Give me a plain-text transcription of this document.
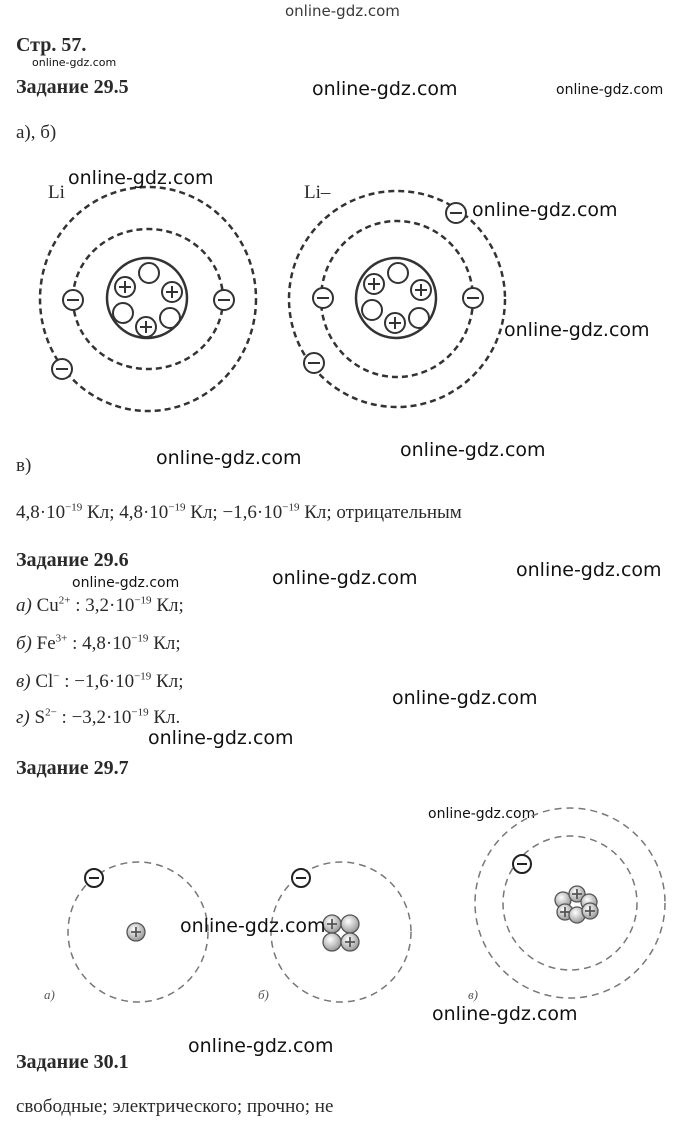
online-gdz.com
Стр. 57.
online-gdz.com
Задание 29.5	online-gdz.com	online-gdz.com
а), б)
Li	Li–
online-gdz.com
online-gdz.com
online-gdz.com
в)	online-gdz.com	online-gdz.com
$4,8\cdot 10^{-19}$ Кл; $4,8\cdot 10^{-19}$ Кл; $-1,6\cdot 10^{-19}$ Кл; отрицательным
Задание 29.6
online-gdz.com	online-gdz.com	online-gdz.com
а) $Cu^{2+}$ : $3,2\cdot 10^{-19}$ Кл;
б) $Fe^{3+}$ : $4,8\cdot 10^{-19}$ Кл;
в) Cl− : $-1,6\cdot 10^{-19}$ Кл;
г) $S^{2-}$ : $-3,2\cdot 10^{-19}$ Кл.
online-gdz.com
online-gdz.com
Задание 29.7
online-gdz.com
а)	б)	в)
online-gdz.com
online-gdz.com
online-gdz.com
Задание 30.1
свободные; электрического; прочно; не
